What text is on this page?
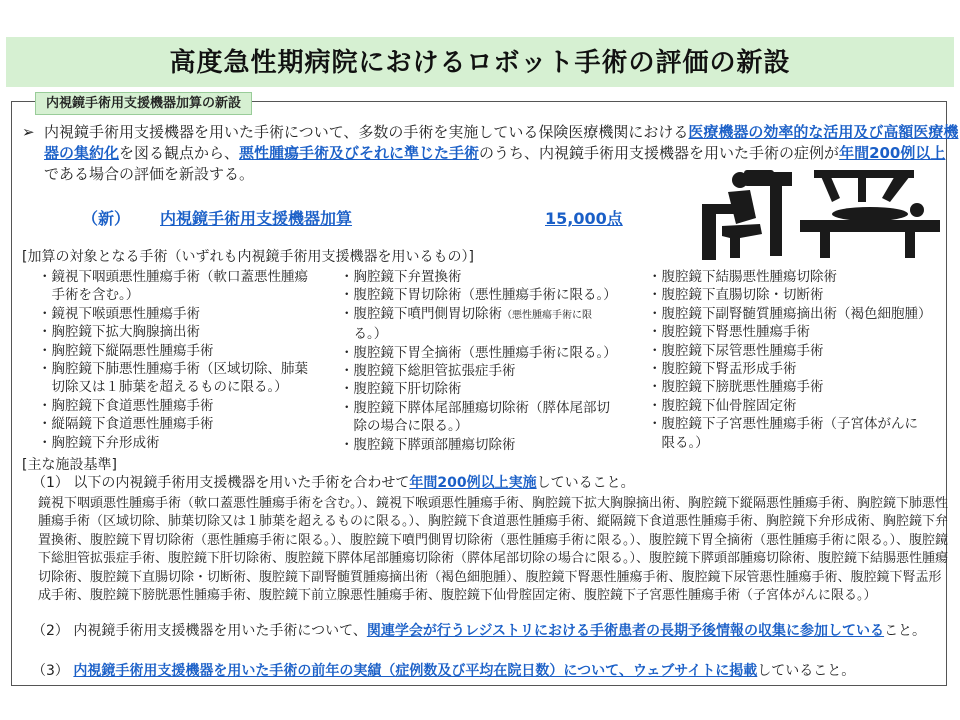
高度急性期病院におけるロボット手術の評価の新設
内視鏡手術用支援機器加算の新設
➢ 内視鏡手術用支援機器を用いた手術について、多数の手術を実施している保険医療機関における医療機器の効率的な活用及び高額医療機器の集約化を図る観点から、悪性腫瘍手術及びそれに準じた手術のうち、内視鏡手術用支援機器を用いた手術の症例が年間200例以上である場合の評価を新設する。
（新） 内視鏡手術用支援機器加算	15,000点
[加算の対象となる手術（いずれも内視鏡手術用支援機器を用いるもの）]
・鏡視下咽頭悪性腫瘍手術（軟口蓋悪性腫瘍
　手術を含む。）
・鏡視下喉頭悪性腫瘍手術
・胸腔鏡下拡大胸腺摘出術
・胸腔鏡下縦隔悪性腫瘍手術
・胸腔鏡下肺悪性腫瘍手術（区域切除、肺葉
　切除又は１肺葉を超えるものに限る。）
・胸腔鏡下食道悪性腫瘍手術
・縦隔鏡下食道悪性腫瘍手術
・胸腔鏡下弁形成術
・胸腔鏡下弁置換術
・腹腔鏡下胃切除術（悪性腫瘍手術に限る。）
・腹腔鏡下噴門側胃切除術（悪性腫瘍手術に限
　る。）
・腹腔鏡下胃全摘術（悪性腫瘍手術に限る。）
・腹腔鏡下総胆管拡張症手術
・腹腔鏡下肝切除術
・腹腔鏡下膵体尾部腫瘍切除術（膵体尾部切
　除の場合に限る。）
・腹腔鏡下膵頭部腫瘍切除術
・腹腔鏡下結腸悪性腫瘍切除術
・腹腔鏡下直腸切除・切断術
・腹腔鏡下副腎髄質腫瘍摘出術（褐色細胞腫）
・腹腔鏡下腎悪性腫瘍手術
・腹腔鏡下尿管悪性腫瘍手術
・腹腔鏡下腎盂形成手術
・腹腔鏡下膀胱悪性腫瘍手術
・腹腔鏡下仙骨腟固定術
・腹腔鏡下子宮悪性腫瘍手術（子宮体がんに
　限る。）
[主な施設基準]
（1） 以下の内視鏡手術用支援機器を用いた手術を合わせて年間200例以上実施していること。
鏡視下咽頭悪性腫瘍手術（軟口蓋悪性腫瘍手術を含む。）、鏡視下喉頭悪性腫瘍手術、胸腔鏡下拡大胸腺摘出術、胸腔鏡下縦隔悪性腫瘍手術、胸腔鏡下肺悪性腫瘍手術（区域切除、肺葉切除又は１肺葉を超えるものに限る。）、胸腔鏡下食道悪性腫瘍手術、縦隔鏡下食道悪性腫瘍手術、胸腔鏡下弁形成術、胸腔鏡下弁置換術、腹腔鏡下胃切除術（悪性腫瘍手術に限る。）、腹腔鏡下噴門側胃切除術（悪性腫瘍手術に限る。）、腹腔鏡下胃全摘術（悪性腫瘍手術に限る。）、腹腔鏡下総胆管拡張症手術、腹腔鏡下肝切除術、腹腔鏡下膵体尾部腫瘍切除術（膵体尾部切除の場合に限る。）、腹腔鏡下膵頭部腫瘍切除術、腹腔鏡下結腸悪性腫瘍切除術、腹腔鏡下直腸切除・切断術、腹腔鏡下副腎髄質腫瘍摘出術（褐色細胞腫）、腹腔鏡下腎悪性腫瘍手術、腹腔鏡下尿管悪性腫瘍手術、腹腔鏡下腎盂形成手術、腹腔鏡下膀胱悪性腫瘍手術、腹腔鏡下前立腺悪性腫瘍手術、腹腔鏡下仙骨腟固定術、腹腔鏡下子宮悪性腫瘍手術（子宮体がんに限る。）
（2） 内視鏡手術用支援機器を用いた手術について、関連学会が行うレジストリにおける手術患者の長期予後情報の収集に参加していること。
（3） 内視鏡手術用支援機器を用いた手術の前年の実績（症例数及び平均在院日数）について、ウェブサイトに掲載していること。
